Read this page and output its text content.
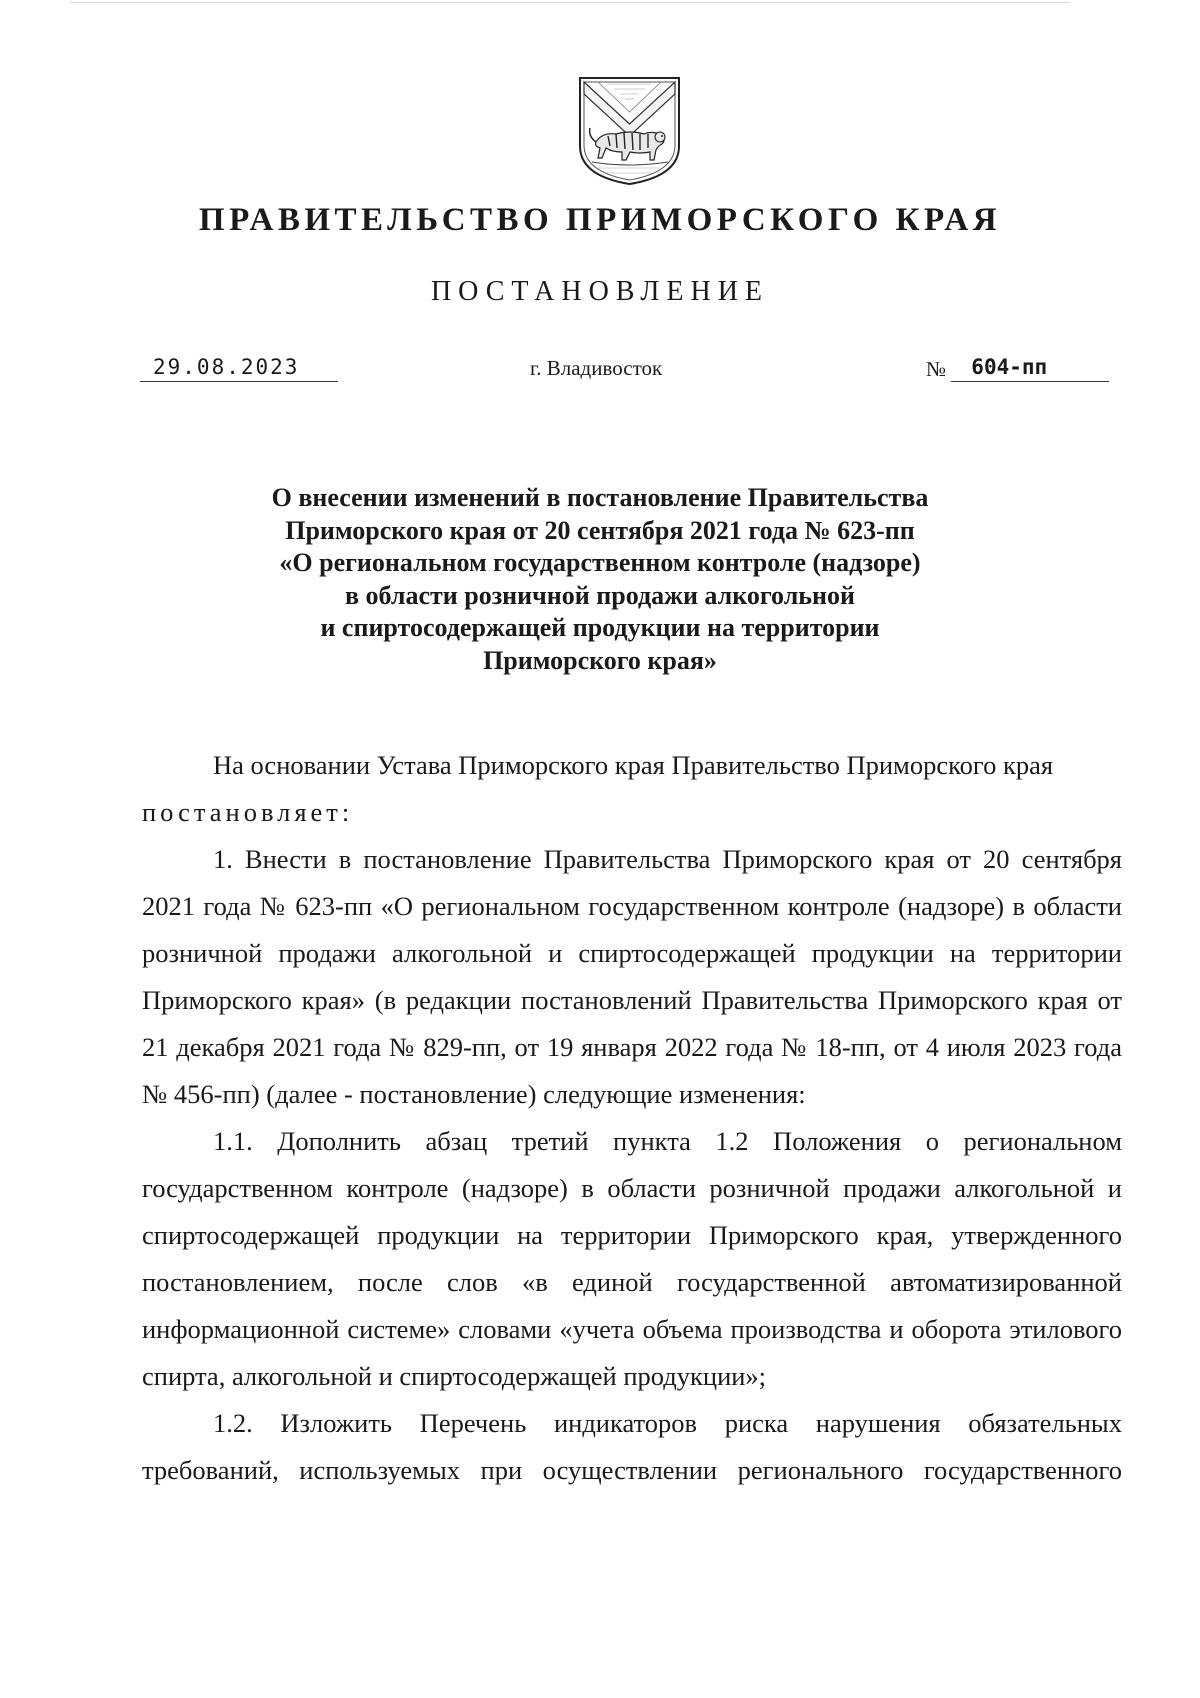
ПРАВИТЕЛЬСТВО ПРИМОРСКОГО КРАЯ
ПОСТАНОВЛЕНИЕ
29.08.2023	г. Владивосток	№ 604-пп
О внесении изменений в постановление Правительства
Приморского края от 20 сентября 2021 года № 623-пп
«О региональном государственном контроле (надзоре)
в области розничной продажи алкогольной
и спиртосодержащей продукции на территории
Приморского края»

На основании Устава Приморского края Правительство Приморского края

постановляет:

1. Внести в постановление Правительства Приморского края от 20 сентября 2021 года № 623-пп «О региональном государственном контроле (надзоре) в области розничной продажи алкогольной и спиртосодержащей продукции на территории Приморского края» (в редакции постановлений Правительства Приморского края от 21 декабря 2021 года № 829-пп, от 19 января 2022 года № 18-пп, от 4 июля 2023 года № 456-пп) (далее - постановление) следующие изменения:

1.1. Дополнить абзац третий пункта 1.2 Положения о региональном государственном контроле (надзоре) в области розничной продажи алкогольной и спиртосодержащей продукции на территории Приморского края, утвержденного постановлением, после слов «в единой государственной автоматизированной информационной системе» словами «учета объема производства и оборота этилового спирта, алкогольной и спиртосодержащей продукции»;

1.2. Изложить Перечень индикаторов риска нарушения обязательных требований, используемых при осуществлении регионального государственного
